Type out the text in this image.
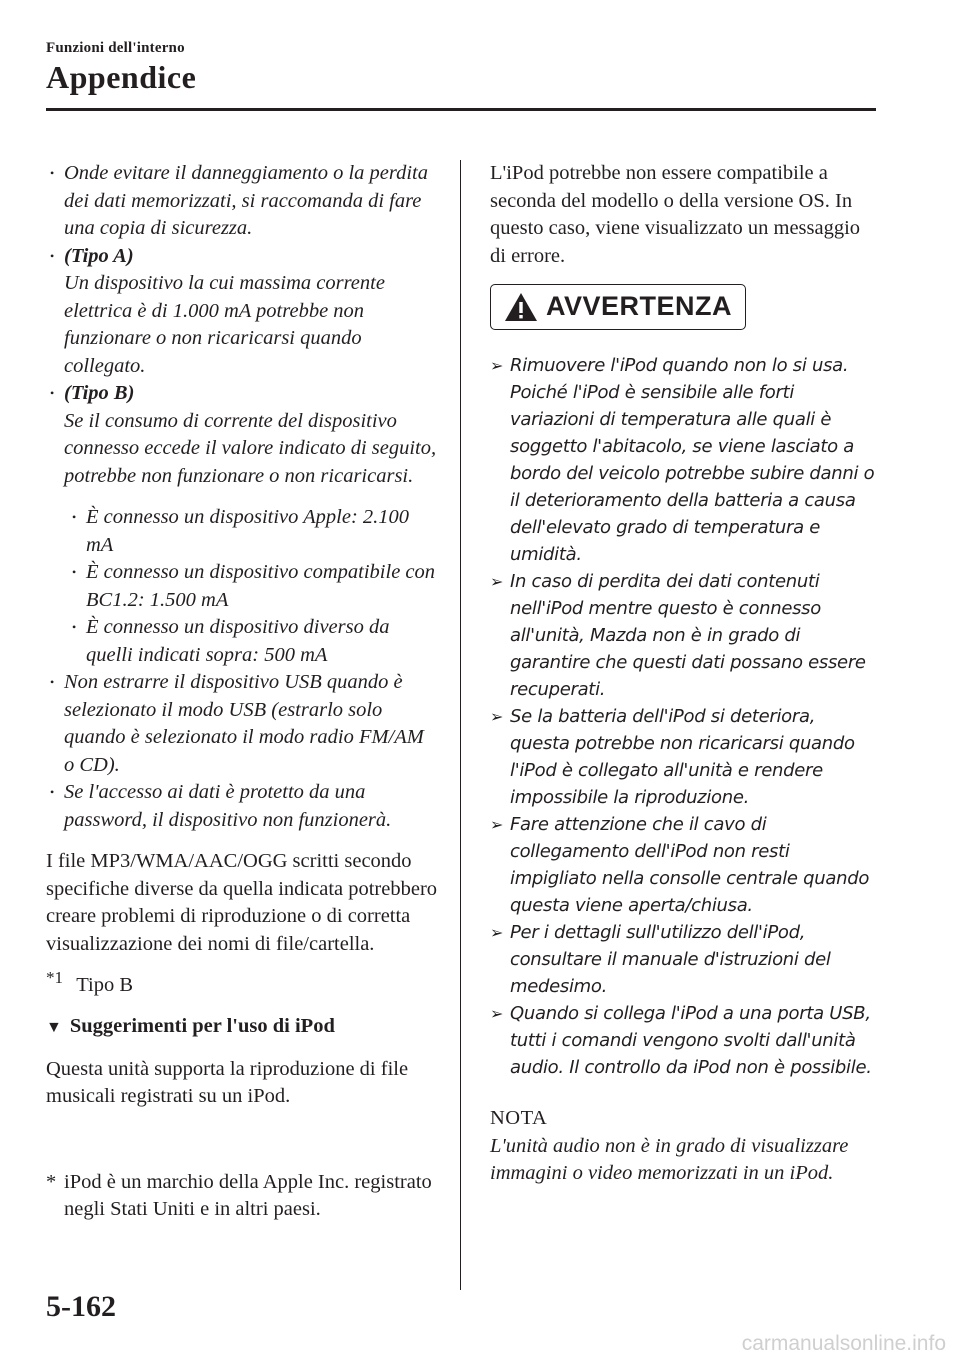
Funzioni dell'interno
Appendice
• Onde evitare il danneggiamento o la perdita dei dati memorizzati, si raccomanda di fare una copia di sicurezza.
• (Tipo A)
Un dispositivo la cui massima corrente elettrica è di 1.000 mA potrebbe non funzionare o non ricaricarsi quando collegato.
• (Tipo B)
Se il consumo di corrente del dispositivo connesso eccede il valore indicato di seguito, potrebbe non funzionare o non ricaricarsi.
• È connesso un dispositivo Apple: 2.100 mA
• È connesso un dispositivo compatibile con BC1.2: 1.500 mA
• È connesso un dispositivo diverso da quelli indicati sopra: 500 mA
• Non estrarre il dispositivo USB quando è selezionato il modo USB (estrarlo solo quando è selezionato il modo radio FM/AM o CD).
• Se l'accesso ai dati è protetto da una password, il dispositivo non funzionerà.

I file MP3/WMA/AAC/OGG scritti secondo specifiche diverse da quella indicata potrebbero creare problemi di riproduzione o di corretta visualizzazione dei nomi di file/cartella.

$^{*1}$ Tipo B

▼ Suggerimenti per l'uso di iPod

Questa unità supporta la riproduzione di file musicali registrati su un iPod.

* iPod è un marchio della Apple Inc. registrato negli Stati Uniti e in altri paesi.

L'iPod potrebbe non essere compatibile a seconda del modello o della versione OS. In questo caso, viene visualizzato un messaggio di errore.

AVVERTENZA
➢ Rimuovere l'iPod quando non lo si usa. Poiché l'iPod è sensibile alle forti variazioni di temperatura alle quali è soggetto l'abitacolo, se viene lasciato a bordo del veicolo potrebbe subire danni o il deterioramento della batteria a causa dell'elevato grado di temperatura e umidità.
➢ In caso di perdita dei dati contenuti nell'iPod mentre questo è connesso all'unità, Mazda non è in grado di garantire che questi dati possano essere recuperati.
➢ Se la batteria dell'iPod si deteriora, questa potrebbe non ricaricarsi quando l'iPod è collegato all'unità e rendere impossibile la riproduzione.
➢ Fare attenzione che il cavo di collegamento dell'iPod non resti impigliato nella consolle centrale quando questa viene aperta/chiusa.
➢ Per i dettagli sull'utilizzo dell'iPod, consultare il manuale d'istruzioni del medesimo.
➢ Quando si collega l'iPod a una porta USB, tutti i comandi vengono svolti dall'unità audio. Il controllo da iPod non è possibile.

NOTA

L'unità audio non è in grado di visualizzare immagini o video memorizzati in un iPod.

5-162
carmanualsonline.info
